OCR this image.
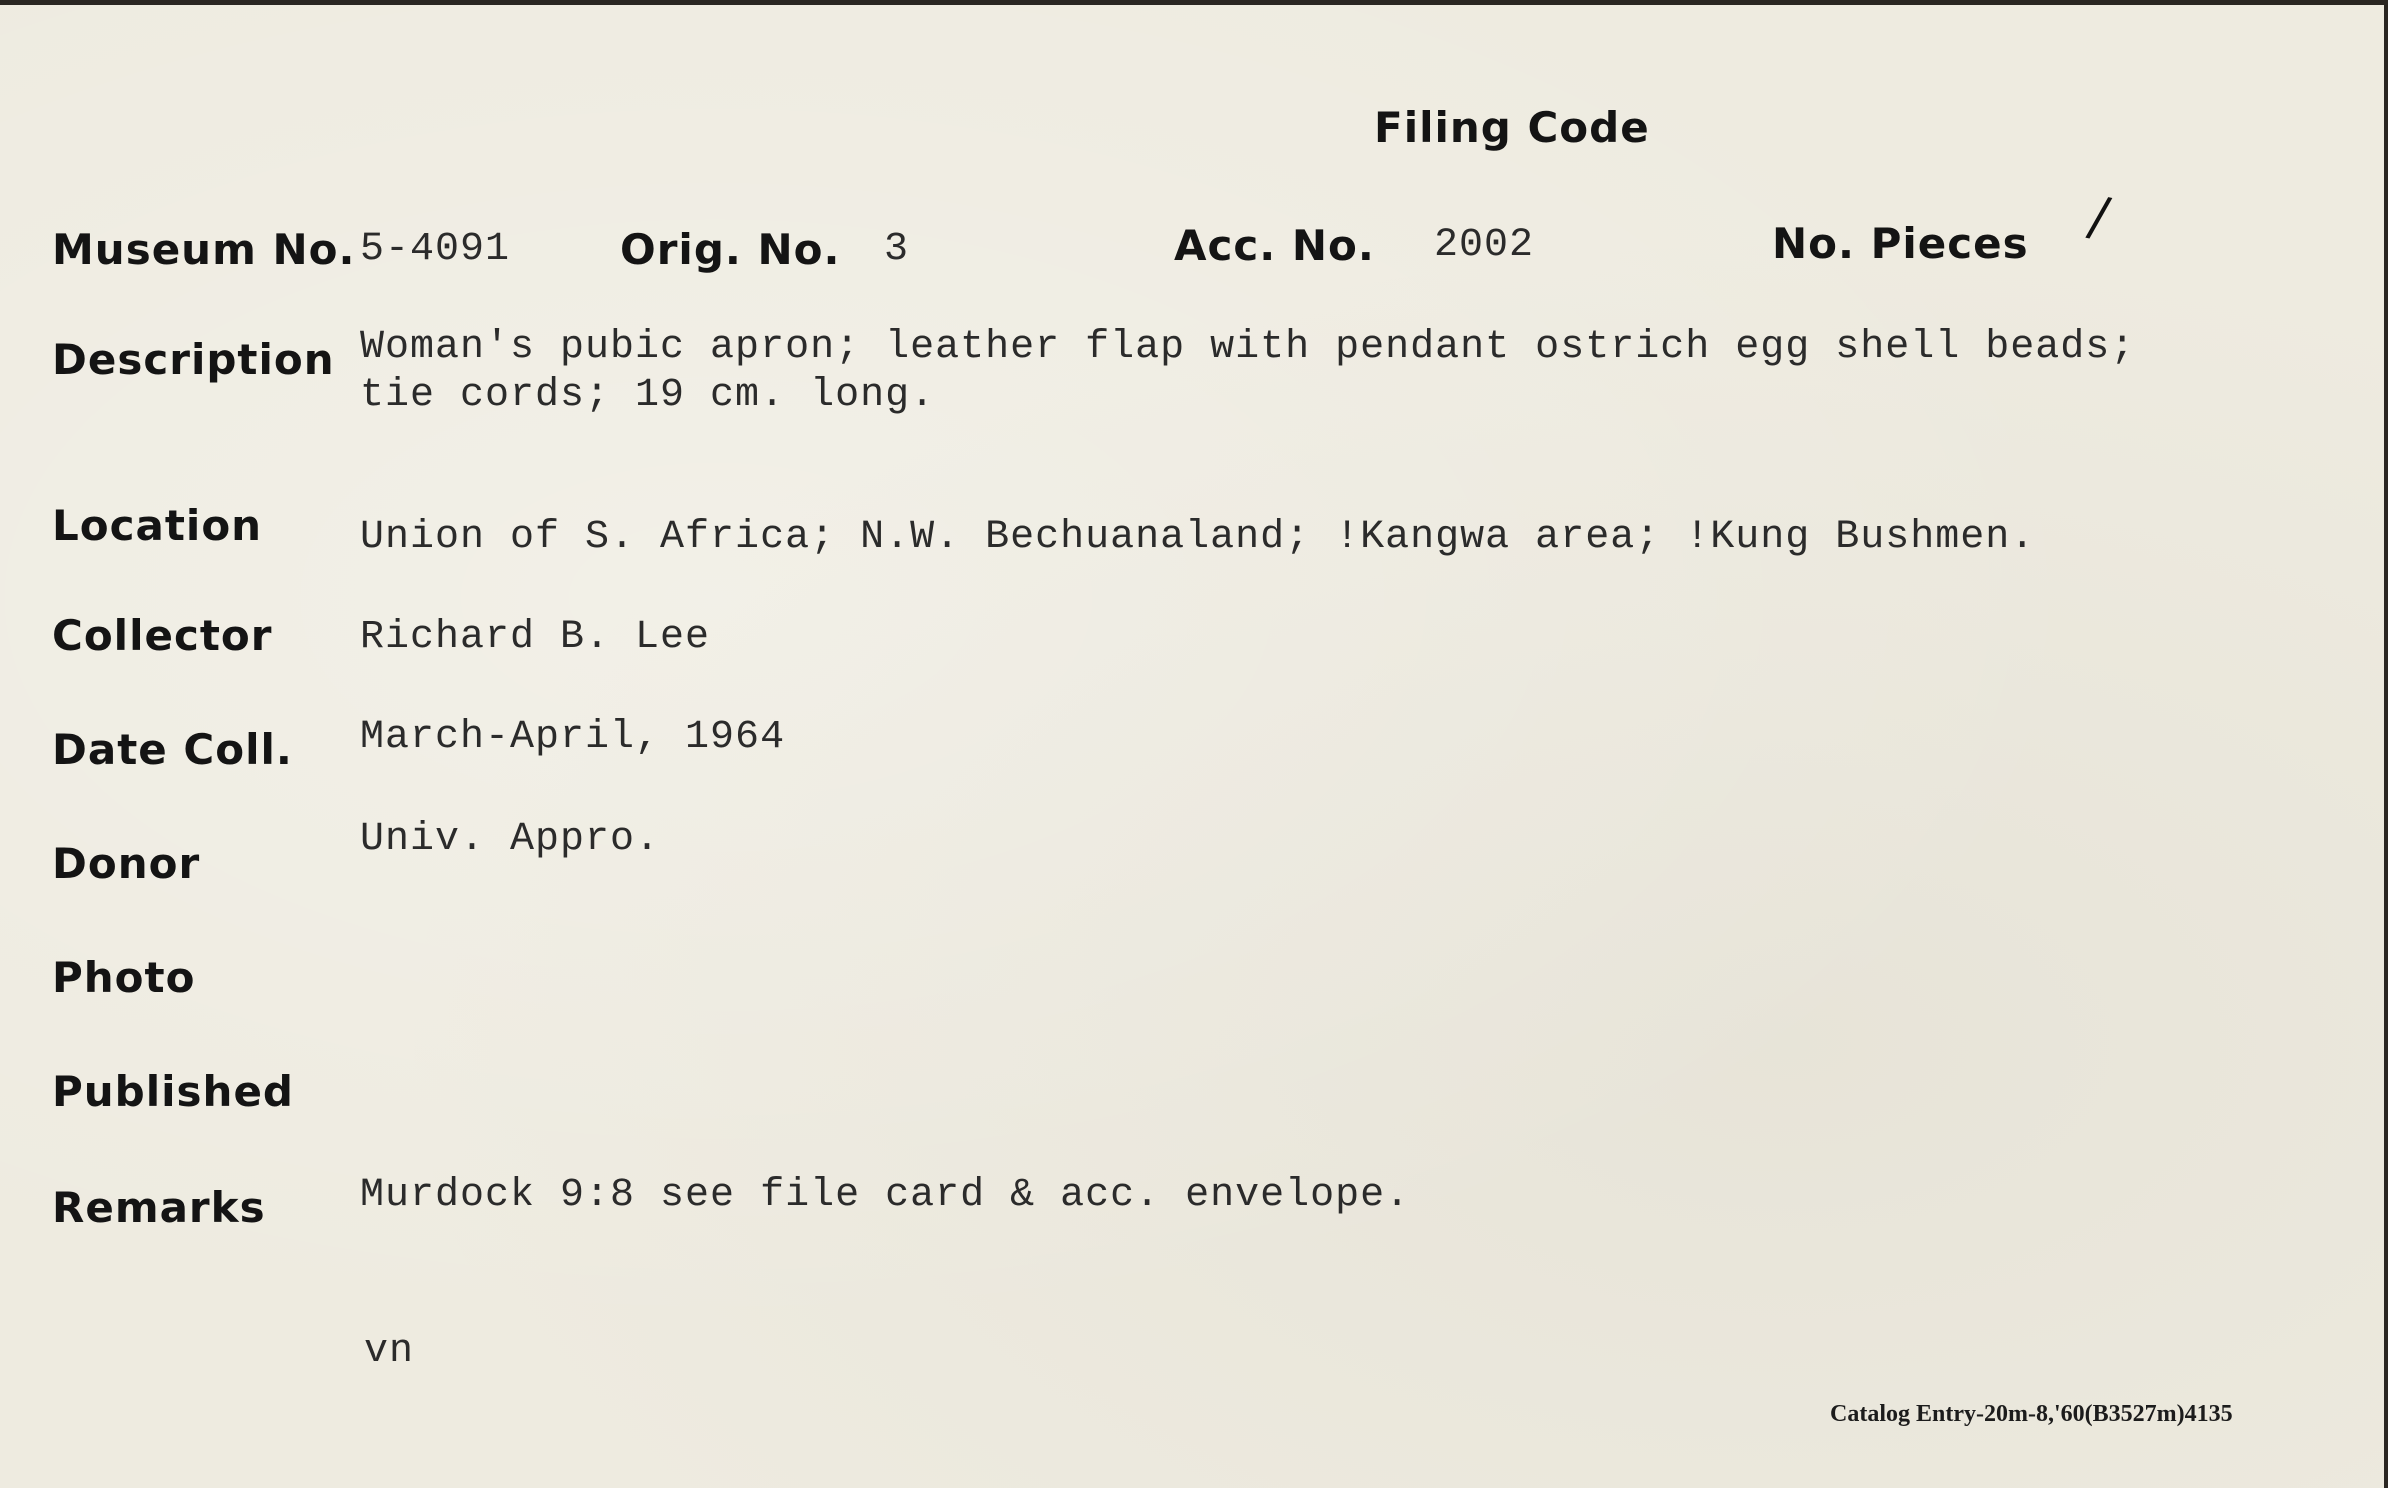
Filing Code
Museum No. 5-4091	Orig. No. 3	Acc. No. 2002	No. Pieces /
Description Woman's pubic apron; leather flap with pendant ostrich egg shell beads;
tie cords; 19 cm. long.
Location Union of S. Africa; N.W. Bechuanaland; !Kangwa area; !Kung Bushmen.
Collector Richard B. Lee
Date Coll. March-April, 1964
Donor	Univ. Appro.
Photo
Published
Remarks Murdock 9:8 see file card & acc. envelope.
vn
Catalog Entry-20m-8,'60(B3527m)4135
